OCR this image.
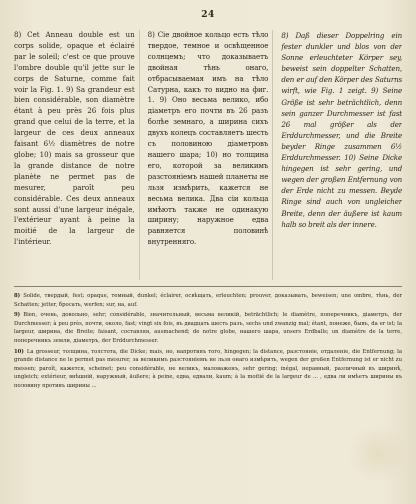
24

8) Cet Anneau double est un corps solide, opaque et éclairé par le soleil; c'est ce que prouve l'ombre double qu'il jette sur le corps de Saturne, comme fait voir la Fig. 1. 9) Sa grandeur est bien considérable, son diamètre étant à peu près 26 fois plus grand que celui de la terre, et la largeur de ces deux anneaux faisant 6½ diamètres de notre globe; 10) mais sa grosseur que la grande distance de notre planète ne permet pas de mesurer, paroît peu considérable. Ces deux anneaux sont aussi d'une largeur inégale, l'extérieur ayant à peine la moitié de la largeur de l'intérieur.

8) Сіе двойное кольцо есть тѣло твердое, темное и освѣщенное солнцемъ; что доказываетъ двойная тѣнь онаго, отбрасываемая имъ на тѣло Сатурна, какъ то видно на фиг. 1. 9) Оно весьма велико, ибо діаметръ его почти въ 26 разъ болѣе земнаго, а ширина сихъ двухъ колецъ составляетъ шесть съ половиною діаметровъ нашего шара; 10) но толщина его, которой за великимъ разстояніемъ нашей планеты не льзя измѣрить, кажется не весьма велика. Два сіи кольца имѣютъ также не одинакую ширину; наружное едва равняется половинѣ внутренняго.

8) Daß dieser Doppelring ein fester dunkler und blos von der Sonne erleuchteter Körper sey, beweist sein doppelter Schatten, den er auf den Körper des Saturns wirft, wie Fig. 1 zeigt. 9) Seine Größe ist sehr beträchtlich, denn sein ganzer Durchmesser ist fast 26 mal größer als der Erddurchmesser, und die Breite beyder Ringe zusammen 6½ Erddurchmesser. 10) Seine Dicke hingegen ist sehr gering, und wegen der großen Entfernung von der Erde nicht zu messen. Beyde Ringe sind auch von ungleicher Breite, denn der äußere ist kaum halb so breit als der innere.

8) Solide, твердый, fest; opaque, темный, dunkel; éclairer, освѣщать, erleuchten; prouver, доказывать, beweisen; une ombre, тѣнь, der Schatten; jetter, бросать, werfen; sur, на, auf.

9) Bien, очень, довольно, sehr; considérable, значительный, весьма великій, beträchtlich; le diamètre, поперечникъ, діаметръ, der Durchmesser; à peu près, почти, около, fast; vingt six fois, въ двадцать шесть разъ, sechs und zwanzig mal; étant, понеже, бывъ, da er ist; la largeur, ширина, die Breite; faisant, составляя, ausmachend; de notre globe, нашего шара, unsers Erdballs; un diamètre de la terre, поперечникъ земли, діаметръ, der Erddurchmesser.

10) La grosseur, толщина, толстота, die Dicke; mais, но, напротивъ того, hingegen; la distance, разстояніе, отдаленіе, die Entfernung; la grande distance ne le permet pas mesurer, за великимъ разстояніемъ не льзя онаго измѣрить, wegen der großen Entfernung ist er nicht zu messen; paroît, кажется, scheinet; peu considérable, не великъ, маловаженъ, sehr gering; inégal, неравный, различный въ ширинѣ, ungleich; extérieur, внѣшній, наружный, äußere; à peine, едва, едвали, kaum; à la moitié de la largeur de ... , едва ли имѣетъ ширины въ половину противъ ширины ...
